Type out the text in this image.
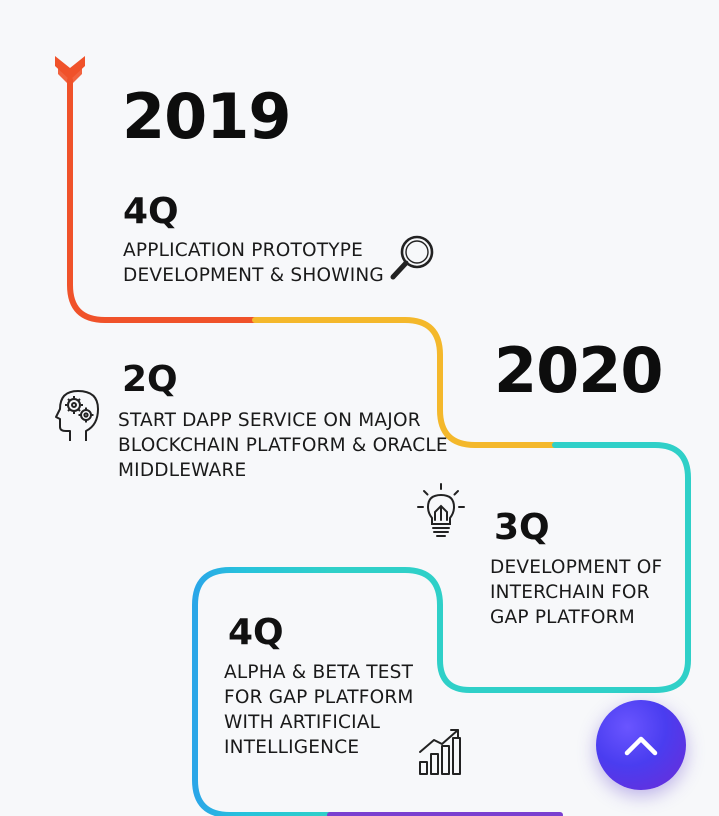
2019
4Q
APPLICATION PROTOTYPE
DEVELOPMENT & SHOWING
2020
2Q
START DAPP SERVICE ON MAJOR
BLOCKCHAIN PLATFORM & ORACLE
MIDDLEWARE
3Q
DEVELOPMENT OF
INTERCHAIN FOR
GAP PLATFORM
4Q
ALPHA & BETA TEST
FOR GAP PLATFORM
WITH ARTIFICIAL
INTELLIGENCE
